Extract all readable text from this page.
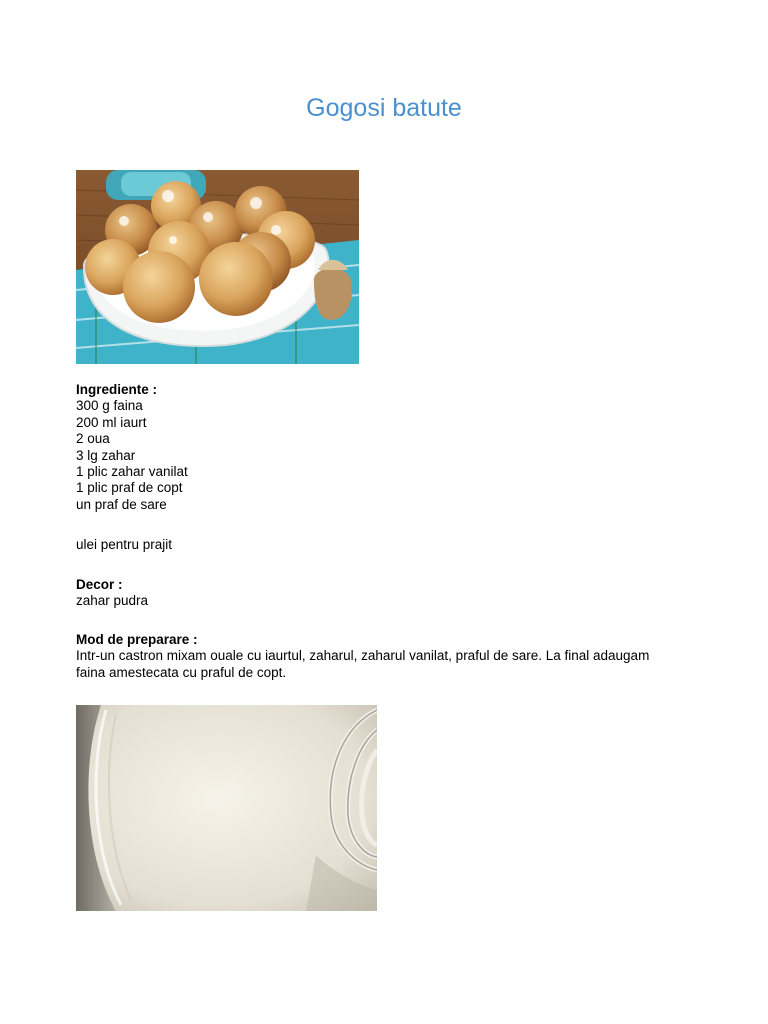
Gogosi batute
Ingrediente :
300 g faina
200 ml iaurt
2 oua
3 lg zahar
1 plic zahar vanilat
1 plic praf de copt
un praf de sare
ulei pentru prajit
Decor :
zahar pudra
Mod de preparare :
Intr-un castron mixam ouale cu iaurtul, zaharul, zaharul vanilat, praful de sare. La final adaugam
faina amestecata cu praful de copt.
